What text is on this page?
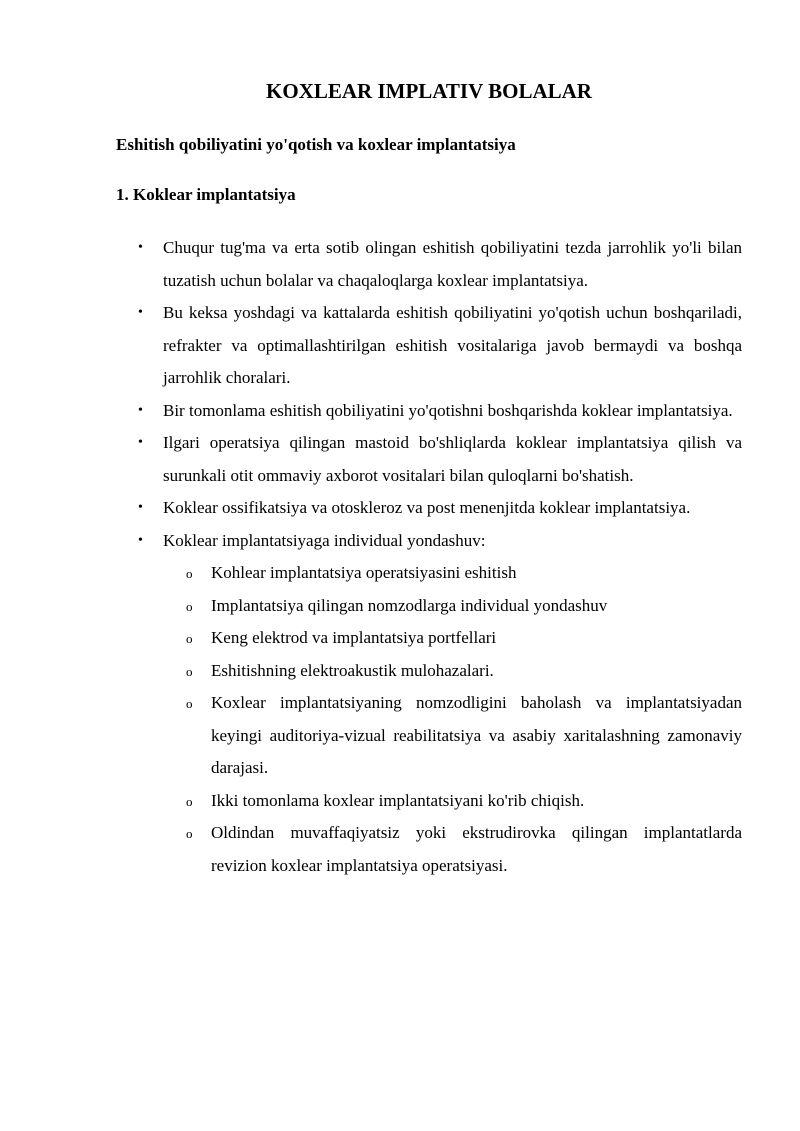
KOXLEAR IMPLATIV BOLALAR
Eshitish qobiliyatini yo'qotish va koxlear implantatsiya
1. Koklear implantatsiya
• Chuqur tug'ma va erta sotib olingan eshitish qobiliyatini tezda jarrohlik yo'li bilan tuzatish uchun bolalar va chaqaloqlarga koxlear implantatsiya.
• Bu keksa yoshdagi va kattalarda eshitish qobiliyatini yo'qotish uchun boshqariladi, refrakter va optimallashtirilgan eshitish vositalariga javob bermaydi va boshqa jarrohlik choralari.
• Bir tomonlama eshitish qobiliyatini yo'qotishni boshqarishda koklear implantatsiya.
• Ilgari operatsiya qilingan mastoid bo'shliqlarda koklear implantatsiya qilish va surunkali otit ommaviy axborot vositalari bilan quloqlarni bo'shatish.
• Koklear ossifikatsiya va otoskleroz va post menenjitda koklear implantatsiya.
• Koklear implantatsiyaga individual yondashuv:
o Kohlear implantatsiya operatsiyasini eshitish
o Implantatsiya qilingan nomzodlarga individual yondashuv
o Keng elektrod va implantatsiya portfellari
o Eshitishning elektroakustik mulohazalari.
o Koxlear implantatsiyaning nomzodligini baholash va implantatsiyadan keyingi auditoriya-vizual reabilitatsiya va asabiy xaritalashning zamonaviy darajasi.
o Ikki tomonlama koxlear implantatsiyani ko'rib chiqish.
o Oldindan muvaffaqiyatsiz yoki ekstrudirovka qilingan implantatlarda revizion koxlear implantatsiya operatsiyasi.
